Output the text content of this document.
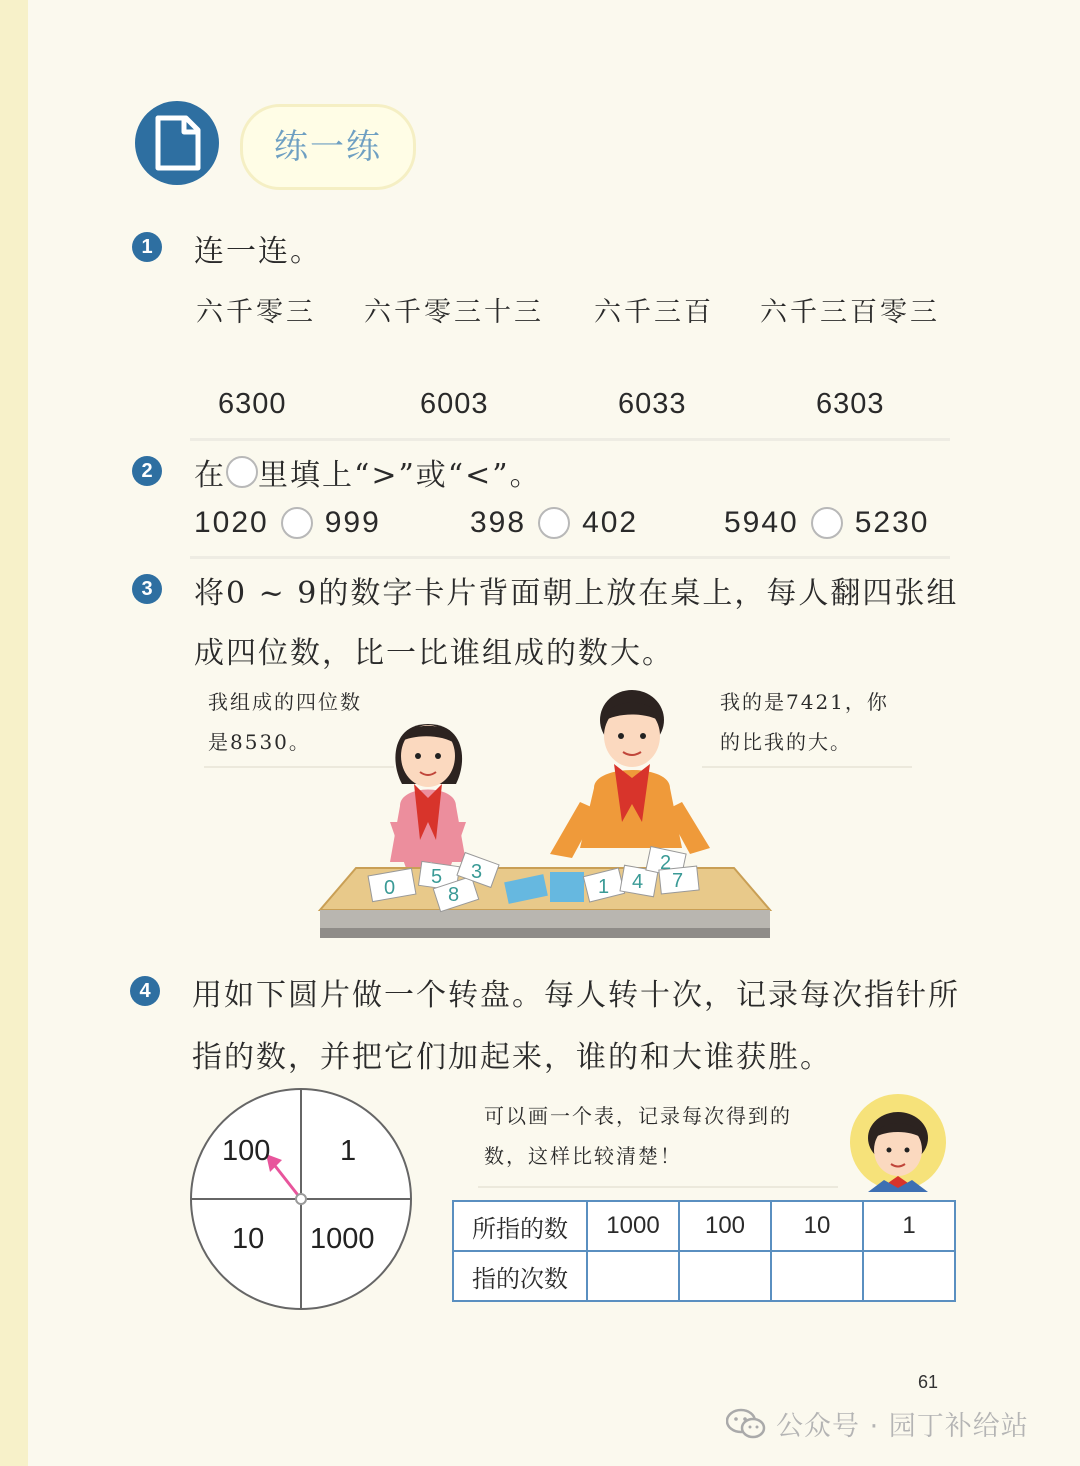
练一练
1	连一连。
六千零三 六千零三十三 六千三百 六千三百零三
6300	6003	6033	6303
2	在 里填上“>”或“<”。
1020 999	398 402	5940 5230
3	将0 ~ 9的数字卡片背面朝上放在桌上，每人翻四张组
成四位数，比一比谁组成的数大。
我组成的四位数
是8530。
我的是7421，你
的比我的大。
0 5
8
3
1 4
2
7
4	用如下圆片做一个转盘。每人转十次，记录每次指针所
指的数，并把它们加起来，谁的和大谁获胜。
100 1
10 1000
可以画一个表，记录每次得到的
数，这样比较清楚！
所指的数	1000	100	10	1
指的次数				
61
公众号 · 园丁补给站
